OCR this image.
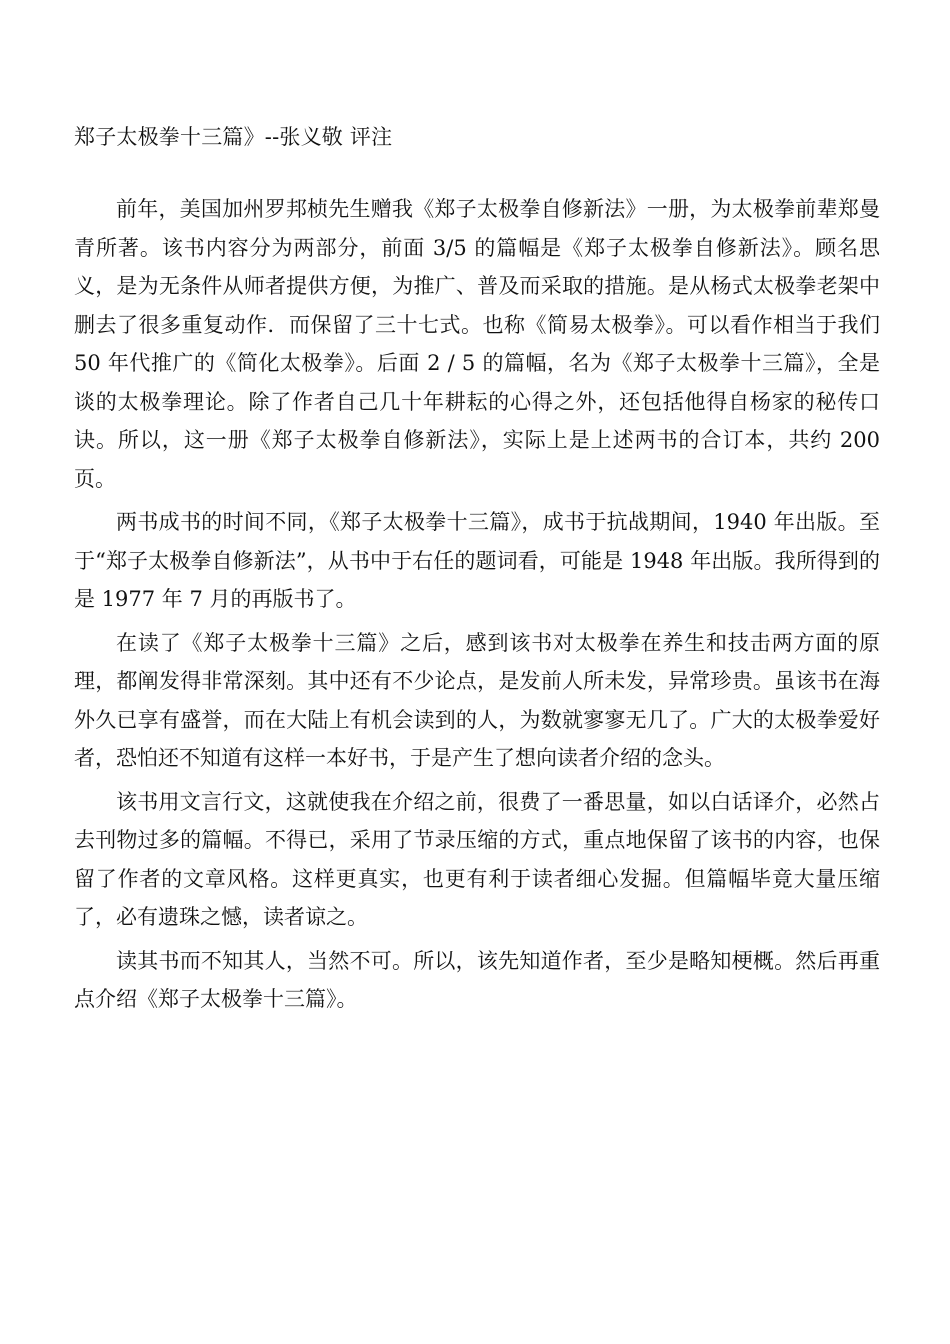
郑子太极拳十三篇》--张义敬 评注

前年，美国加州罗邦桢先生赠我《郑子太极拳自修新法》一册，为太极拳前辈郑曼青所著。该书内容分为两部分，前面 3/5 的篇幅是《郑子太极拳自修新法》。顾名思义，是为无条件从师者提供方便，为推广、普及而采取的措施。是从杨式太极拳老架中删去了很多重复动作．而保留了三十七式。也称《简易太极拳》。可以看作相当于我们 50 年代推广的《简化太极拳》。后面 2 / 5 的篇幅，名为《郑子太极拳十三篇》，全是谈的太极拳理论。除了作者自己几十年耕耘的心得之外，还包括他得自杨家的秘传口诀。所以，这一册《郑子太极拳自修新法》，实际上是上述两书的合订本，共约 200 页。

两书成书的时间不同，《郑子太极拳十三篇》，成书于抗战期间，1940 年出版。至于“郑子太极拳自修新法”，从书中于右任的题词看，可能是 1948 年出版。我所得到的是 1977 年 7 月的再版书了。

在读了《郑子太极拳十三篇》之后，感到该书对太极拳在养生和技击两方面的原理，都阐发得非常深刻。其中还有不少论点，是发前人所未发，异常珍贵。虽该书在海外久已享有盛誉，而在大陆上有机会读到的人，为数就寥寥无几了。广大的太极拳爱好者，恐怕还不知道有这样一本好书，于是产生了想向读者介绍的念头。

该书用文言行文，这就使我在介绍之前，很费了一番思量，如以白话译介，必然占去刊物过多的篇幅。不得已，采用了节录压缩的方式，重点地保留了该书的内容，也保留了作者的文章风格。这样更真实，也更有利于读者细心发掘。但篇幅毕竟大量压缩了，必有遗珠之憾，读者谅之。

读其书而不知其人，当然不可。所以，该先知道作者，至少是略知梗概。然后再重点介绍《郑子太极拳十三篇》。
